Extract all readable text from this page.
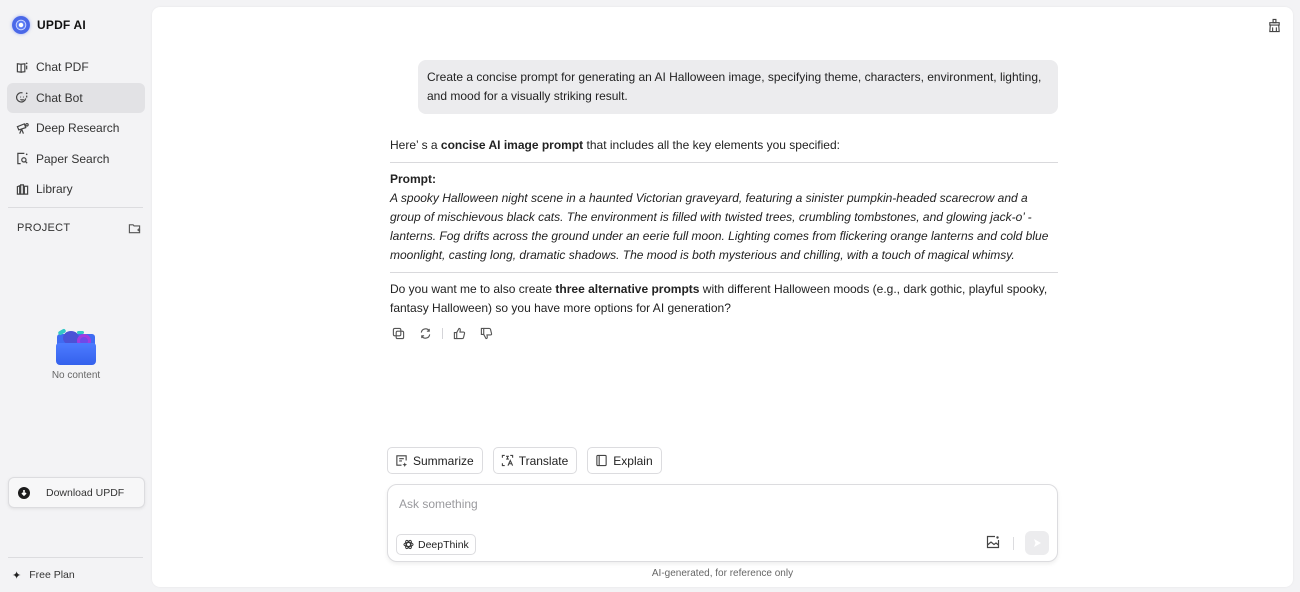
UPDF AI
Chat PDF
Chat Bot
Deep Research
Paper Search
Library
PROJECT
No content
Download UPDF
✦ Free Plan
Create a concise prompt for generating an AI Halloween image, specifying theme, characters, environment, lighting, and mood for a visually striking result.

Here’ s a concise AI image prompt that includes all the key elements you specified:

Prompt:

A spooky Halloween night scene in a haunted Victorian graveyard, featuring a sinister pumpkin-headed scarecrow and a group of mischievous black cats. The environment is filled with twisted trees, crumbling tombstones, and glowing jack-o’ -lanterns. Fog drifts across the ground under an eerie full moon. Lighting comes from flickering orange lanterns and cold blue moonlight, casting long, dramatic shadows. The mood is both mysterious and chilling, with a touch of magical whimsy.

Do you want me to also create three alternative prompts with different Halloween moods (e.g., dark gothic, playful spooky, fantasy Halloween) so you have more options for AI generation?

Summarize	Translate	Explain
Ask something
DeepThink
AI-generated, for reference only
